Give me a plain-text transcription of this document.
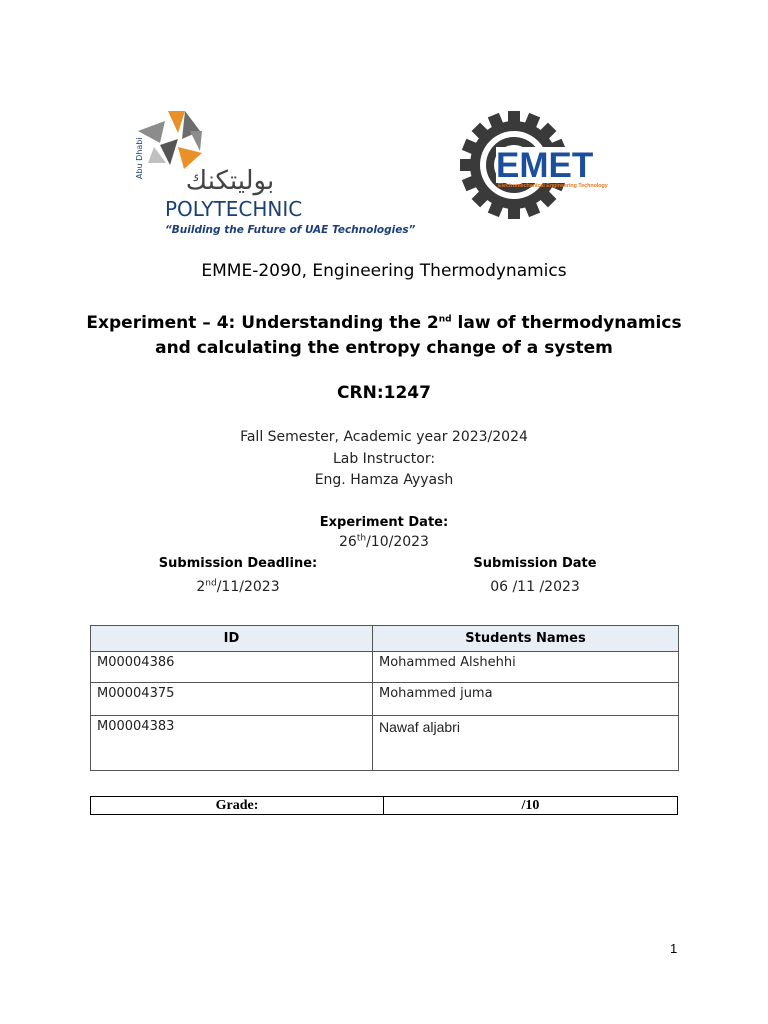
Abu Dhabi
بوليتكنك
POLYTECHNIC
“Building the Future of UAE Technologies”
EMET
Electromechanical Engineering Technology
EMME-2090, Engineering Thermodynamics
Experiment – 4: Understanding the 2nd law of thermodynamics and calculating the entropy change of a system
CRN:1247
Fall Semester, Academic year 2023/2024
Lab Instructor:
Eng. Hamza Ayyash
Experiment Date:
26th/10/2023
Submission Deadline:
2nd/11/2023
Submission Date
06 /11 /2023
ID	Students Names
M00004386	Mohammed Alshehhi
M00004375	Mohammed juma
M00004383	Nawaf aljabri
Grade:	/10
1
